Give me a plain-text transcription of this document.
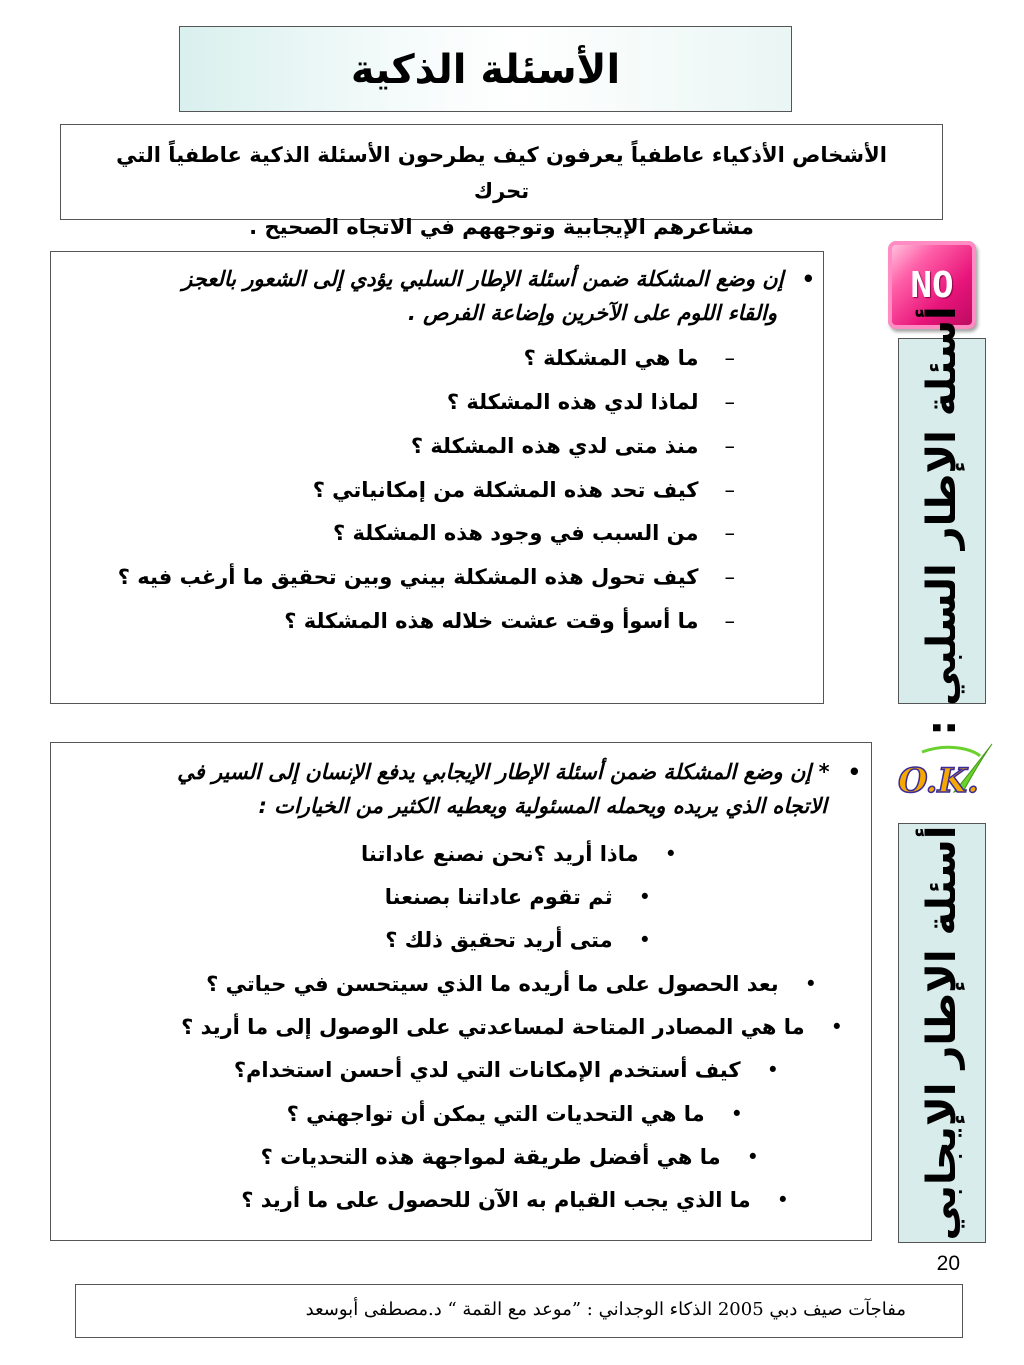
الأسئلة الذكية

الأشخاص الأذكياء عاطفياً يعرفون كيف يطرحون الأسئلة الذكية عاطفياً التي تحرك
مشاعرهم الإيجابية وتوجههم في الاتجاه الصحيح .

NO
أسئلة الإطار السلبي :
•إن وضع المشكلة ضمن أسئلة الإطار السلبي يؤدي إلى الشعور بالعجز
والقاء اللوم على الآخرين وإضاعة الفرص .
–ما هي المشكلة ؟
–لماذا لدي هذه المشكلة ؟
–منذ متى لدي هذه المشكلة ؟
–كيف تحد هذه المشكلة من إمكانياتي ؟
–من السبب في وجود هذه المشكلة ؟
–كيف تحول هذه المشكلة بيني وبين تحقيق ما أرغب فيه ؟
–ما أسوأ وقت عشت خلاله هذه المشكلة ؟
O.K.
أسئلة الإطار الإيجابي
•* إن وضع المشكلة ضمن أسئلة الإطار الإيجابي يدفع الإنسان إلى السير في
الاتجاه الذي يريده ويحمله المسئولية ويعطيه الكثير من الخيارات :
•ماذا أريد ؟نحن نصنع عاداتنا
•ثم تقوم عاداتنا بصنعنا
•متى أريد تحقيق ذلك ؟
•بعد الحصول على ما أريده ما الذي سيتحسن في حياتي ؟
•ما هي المصادر المتاحة لمساعدتي على الوصول إلى ما أريد ؟
•كيف أستخدم الإمكانات التي لدي أحسن استخدام؟
•ما هي التحديات التي يمكن أن تواجهني ؟
•ما هي أفضل طريقة لمواجهة هذه التحديات ؟
•ما الذي يجب القيام به الآن للحصول على ما أريد ؟
20
مفاجآت صيف دبي 2005 الذكاء الوجداني : ”موعد مع القمة “ د.مصطفى أبوسعد
